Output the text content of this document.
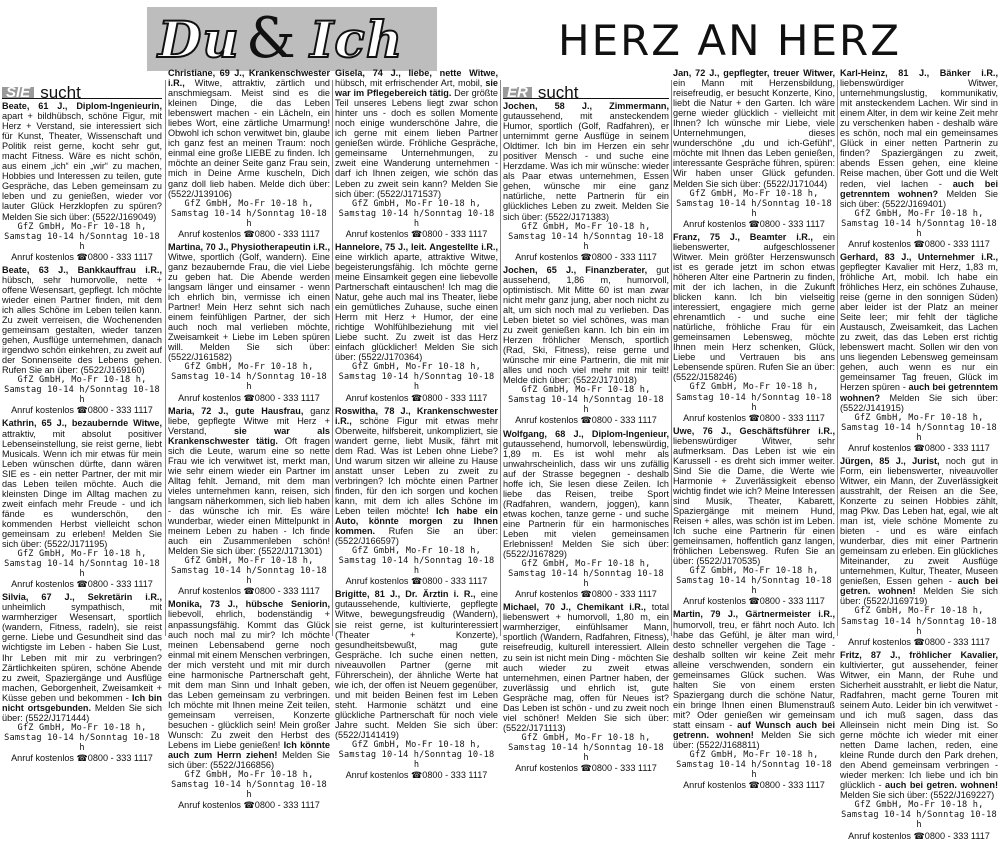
Du & Ich	HERZ AN HERZ
SIE sucht

Beate, 61 J., Diplom-Ingenieurin, apart + bildhübsch, schöne Figur, mit Herz + Verstand, sie interessiert sich für Kunst, Theater, Wissenschaft und Politik reist gerne, kocht sehr gut, macht Fitness. Wäre es nicht schön, aus einem „ich“ ein „wir“ zu machen, Hobbies und Interessen zu teilen, gute Gespräche, das Leben gemeinsam zu leben und zu genießen, wieder vor lauter Glück Herzklopfen zu spüren? Melden Sie sich über: (5522/J169049)

GfZ GmbH, Mo-Fr 10-18 h,
Samstag 10-14 h/Sonntag 10-18 h
Anruf kostenlos ☎ 0800 - 333 1117

Beate, 63 J., Bankkauffrau i.R., hübsch, sehr humorvolle, nette + offene Wesensart, gepflegt. Ich möchte wieder einen Partner finden, mit dem ich alles Schöne im Leben teilen kann. Zu zweit verreisen, die Wochenenden gemeinsam gestalten, wieder tanzen gehen, Ausflüge unternehmen, danach irgendwo schön einkehren, zu zweit auf der Sonnenseite des Lebens gehen. Rufen Sie an über: (5522/J169160)

GfZ GmbH, Mo-Fr 10-18 h,
Samstag 10-14 h/Sonntag 10-18 h
Anruf kostenlos ☎ 0800 - 333 1117

Kathrin, 65 J., bezaubernde Witwe, attraktiv, mit absolut positiver Lebenseinstellung, sie reist gerne, liebt Musicals. Wenn ich mir etwas für mein Leben wünschen dürfte, dann wären SIE es - ein netter Partner, der mit mir das Leben teilen möchte. Auch die kleinsten Dinge im Alltag machen zu zweit einfach mehr Freude - und ich fände es wunderschön, den kommenden Herbst vielleicht schon gemeinsam zu erleben! Melden Sie sich über: (5522/J171195)

GfZ GmbH, Mo-Fr 10-18 h,
Samstag 10-14 h/Sonntag 10-18 h
Anruf kostenlos ☎ 0800 - 333 1117

Silvia, 67 J., Sekretärin i.R., unheimlich sympathisch, mit warmherziger Wesensart, sportlich (wandern, Fitness, radeln), sie reist gerne. Liebe und Gesundheit sind das wichtigste im Leben - haben Sie Lust, Ihr Leben mit mir zu verbringen? Zärtlichkeiten spüren, schöne Abende zu zweit, Spaziergänge und Ausflüge machen, Geborgenheit, Zweisamkeit + Küsse geben und bekommen - Ich bin nicht ortsgebunden. Melden Sie sich über: (5522/J171444)

GfZ GmbH, Mo-Fr 10-18 h,
Samstag 10-14 h/Sonntag 10-18 h
Anruf kostenlos ☎ 0800 - 333 1117

Christiane, 69 J., Krankenschwester i.R., Witwe, attraktiv, zärtlich und anschmiegsam. Meist sind es die kleinen Dinge, die das Leben lebenswert machen - ein Lächeln, ein liebes Wort, eine zärtliche Umarmung! Obwohl ich schon verwitwet bin, glaube ich ganz fest an meinen Traum: noch einmal eine große LIEBE zu finden. Ich möchte an deiner Seite ganz Frau sein, mich in Deine Arme kuscheln, Dich ganz doll lieb haben. Melde dich über: (5522/J139106)

GfZ GmbH, Mo-Fr 10-18 h,
Samstag 10-14 h/Sonntag 10-18 h
Anruf kostenlos ☎ 0800 - 333 1117

Martina, 70 J., Physiotherapeutin i.R., Witwe, sportlich (Golf, wandern). Eine ganz bezaubernde Frau, die viel Liebe zu geben hat. Die Abende werden langsam länger und einsamer - wenn ich ehrlich bin, vermisse ich einen Partner! Mein Herz sehnt sich nach einem feinfühligen Partner, der sich auch noch mal verlieben möchte, Zweisamkeit + Liebe im Leben spüren will. Melden Sie sich über: (5522/J161582)

GfZ GmbH, Mo-Fr 10-18 h,
Samstag 10-14 h/Sonntag 10-18 h
Anruf kostenlos ☎ 0800 - 333 1117

Maria, 72 J., gute Hausfrau, ganz liebe, gepflegte Witwe mit Herz + Verstand, sie war als Krankenschwester tätig. Oft fragen sich die Leute, warum eine so nette Frau wie ich verwitwet ist, merkt man, wie sehr einem wieder ein Partner im Alltag fehlt. Jemand, mit dem man vieles unternehmen kann, reisen, sich langsam näherkommen, sich lieb haben - das wünsche ich mir. Es wäre wunderbar, wieder einen Mittelpunkt in meinem Leben zu haben - Ich finde auch ein Zusammenleben schön! Melden Sie sich über: (5522/J171301)

GfZ GmbH, Mo-Fr 10-18 h,
Samstag 10-14 h/Sonntag 10-18 h
Anruf kostenlos ☎ 0800 - 333 1117

Monika, 73 J., hübsche Seniorin, liebevoll, ehrlich, bodenständig + anpassungsfähig. Kommt das Glück auch noch mal zu mir? Ich möchte meinen Lebensabend gerne noch einmal mit einem Menschen verbringen, der mich versteht und mit mir durch eine harmonische Partnerschaft geht, mit dem man Sinn und Inhalt geben, das Leben gemeinsam zu verbringen. Ich möchte mit Ihnen meine Zeit teilen, gemeinsam verreisen, Konzerte besuchen - glücklich sein! Mein großer Wunsch: Zu zweit den Herbst des Lebens im Liebe genießen! Ich könnte auch zum Herrn ziehen! Melden Sie sich über: (5522/J166856)

GfZ GmbH, Mo-Fr 10-18 h,
Samstag 10-14 h/Sonntag 10-18 h
Anruf kostenlos ☎ 0800 - 333 1117

Gisela, 74 J., liebe, nette Witwe, hübsch, mit erfrischender Art, mobil, sie war im Pflegebereich tätig. Der größte Teil unseres Lebens liegt zwar schon hinter uns - doch es sollen Momente noch einige wunderschöne Jahre, die ich gerne mit einem lieben Partner genießen würde. Fröhliche Gespräche, gemeinsame Unternehmungen, zu zweit eine Wanderung unternehmen - darf ich Ihnen zeigen, wie schön das Leben zu zweit sein kann? Melden Sie sich über: (5522/J171537)

GfZ GmbH, Mo-Fr 10-18 h,
Samstag 10-14 h/Sonntag 10-18 h
Anruf kostenlos ☎ 0800 - 333 1117

Hannelore, 75 J., leit. Angestellte i.R., eine wirklich aparte, attraktive Witwe, begeisterungsfähig. Ich möchte gerne meine Einsamkeit gegen eine liebevolle Partnerschaft eintauschen! Ich mag die Natur, gehe auch mal ins Theater, liebe ein gemütliches Zuhause, suche einen Herrn mit Herz + Humor, der eine richtige Wohlfühlbeziehung mit viel Liebe sucht. Zu zweit ist das Herz einfach glücklicher! Melden Sie sich über: (5522/J170364)

GfZ GmbH, Mo-Fr 10-18 h,
Samstag 10-14 h/Sonntag 10-18 h
Anruf kostenlos ☎ 0800 - 333 1117

Roswitha, 78 J., Krankenschwester i.R., schöne Figur mit etwas mehr Oberweite, hilfsbereit, unkompliziert, sie wandert gerne, liebt Musik, fährt mit dem Rad. Was ist Leben ohne Liebe? Und warum sitzen wir alleine zu Hause anstatt unser Leben zu zweit zu verbringen? Ich möchte einen Partner finden, für den ich sorgen und kochen kann, mit dem ich alles Schöne im Leben teilen möchte! Ich habe ein Auto, könnte morgen zu Ihnen kommen. Rufen Sie an über: (5522/J166597)

GfZ GmbH, Mo-Fr 10-18 h,
Samstag 10-14 h/Sonntag 10-18 h
Anruf kostenlos ☎ 0800 - 333 1117

Brigitte, 81 J., Dr. Ärztin i. R., eine gutaussehende, kultivierte, gepflegte Witwe, bewegungsfreudig (Wandern), sie reist gerne, ist kulturinteressiert (Theater + Konzerte), gesundheitsbewußt, mag gute Gespräche. Ich suche einen netten, niveauvollen Partner (gerne mit Führerschein), der ähnliche Werte hat wie ich, der offen ist Neuem gegenüber, und mit beiden Beinen fest im Leben steht. Harmonie schätzt und eine glückliche Partnerschaft für noch viele Jahre sucht. Melden Sie sich über: (5522/J141419)

GfZ GmbH, Mo-Fr 10-18 h,
Samstag 10-14 h/Sonntag 10-18 h
Anruf kostenlos ☎ 0800 - 333 1117
ER sucht

Jochen, 58 J., Zimmermann, gutaussehend, mit ansteckendem Humor, sportlich (Golf, Radfahren), er unternimmt gerne Ausflüge in seinem Oldtimer. Ich bin im Herzen ein sehr positiver Mensch - und suche eine Herzdame. Was ich mir wünsche: wieder als Paar etwas unternehmen, Essen gehen, wünsche mir eine ganz natürliche, nette Partnerin für ein glückliches Leben zu zweit. Melden Sie sich über: (5522/J171383)

GfZ GmbH, Mo-Fr 10-18 h,
Samstag 10-14 h/Sonntag 10-18 h
Anruf kostenlos ☎ 0800 - 333 1117

Jochen, 65 J., Finanzberater, gut aussehend, 1,86 m, humorvoll, optimistisch. Mit Mitte 60 ist man zwar nicht mehr ganz jung, aber noch nicht zu alt, um sich noch mal zu verlieben. Das Leben bietet so viel schönes, was man zu zweit genießen kann. Ich bin ein im Herzen fröhlicher Mensch, sportlich (Rad, Ski, Fitness), reise gerne und wünsche mir eine Partnerin, die mit mir alles und noch viel mehr mit mir teilt! Melde dich über: (5522/J171018)

GfZ GmbH, Mo-Fr 10-18 h,
Samstag 10-14 h/Sonntag 10-18 h
Anruf kostenlos ☎ 0800 - 333 1117

Wolfgang, 68 J., Diplom-Ingenieur, gutaussehend, humorvoll, lebenswürdig, 1,89 m. Es ist wohl mehr als unwahrscheinlich, dass wir uns zufällig auf der Strasse begegnen - deshalb hoffe ich, Sie lesen diese Zeilen. Ich liebe das Reisen, treibe Sport (Radfahren, wandern, joggen), kann etwas kochen, tanze gerne - und suche eine Partnerin für ein harmonisches Leben mit vielen gemeinsamen Erlebnissen! Melden Sie sich über: (5522/J167829)

GfZ GmbH, Mo-Fr 10-18 h,
Samstag 10-14 h/Sonntag 10-18 h
Anruf kostenlos ☎ 0800 - 333 1117

Michael, 70 J., Chemikant i.R., total liebenswert + humorvoll, 1,80 m, ein warmherziger, einfühlsamer Mann, sportlich (Wandern, Radfahren, Fitness), reisefreudig, kulturell interessiert. Allein zu sein ist nicht mein Ding - möchten Sie auch wieder zu zweit etwas unternehmen, einen Partner haben, der zuverlässig und ehrlich ist, gute Gespräche mag, offen für Neues ist? Das Leben ist schön - und zu zweit noch viel schöner! Melden Sie sich über: (5522/J171113)

GfZ GmbH, Mo-Fr 10-18 h,
Samstag 10-14 h/Sonntag 10-18 h
Anruf kostenlos ☎ 0800 - 333 1117

Jan, 72 J., gepflegter, treuer Witwer, ein Mann mit Herzensbildung, reisefreudig, er besucht Konzerte, Kino, liebt die Natur + den Garten. Ich wäre gerne wieder glücklich - vielleicht mit Ihnen? Ich wünsche mir Liebe, viele Unternehmungen, dieses wunderschöne „du und ich-Gefühl“, möchte mit Ihnen das Leben genießen, interessante Gespräche führen, spüren: Wir haben unser Glück gefunden. Melden Sie sich über: (5522/J171044)

GfZ GmbH, Mo-Fr 10-18 h,
Samstag 10-14 h/Sonntag 10-18 h
Anruf kostenlos ☎ 0800 - 333 1117

Franz, 75 J., Beamter i.R., ein liebenswerter, aufgeschlossener Witwer. Mein größter Herzenswunsch ist es gerade jetzt im schon etwas höheren Alter eine Partnerin zu finden, mit der ich lachen, in die Zukunft blicken kann. Ich bin vielseitig interessiert, engagiere mich gerne ehrenamtlich - und suche eine natürliche, fröhliche Frau für ein gemeinsamen Lebensweg, möchte Ihnen mein Herz schenken, Glück, Liebe und Vertrauen bis ans Lebensende spüren. Rufen Sie an über: (5522/J158246)

GfZ GmbH, Mo-Fr 10-18 h,
Samstag 10-14 h/Sonntag 10-18 h
Anruf kostenlos ☎ 0800 - 333 1117

Uwe, 76 J., Geschäftsführer i.R., liebenswürdiger Witwer, sehr aufmerksam. Das Leben ist wie ein Karussell - es dreht sich immer weiter. Sind Sie die Dame, die Werte wie Harmonie + Zuverlässigkeit ebenso wichtig findet wie ich? Meine Interessen sind Musik, Theater, Kabarett, Spaziergänge mit meinem Hund, Reisen + alles, was schön ist im Leben. Ich suche eine Partnerin für einen gemeinsamen, hoffentlich ganz langen, fröhlichen Lebensweg. Rufen Sie an über: (5522/J170535)

GfZ GmbH, Mo-Fr 10-18 h,
Samstag 10-14 h/Sonntag 10-18 h
Anruf kostenlos ☎ 0800 - 333 1117

Martin, 79 J., Gärtnermeister i.R., humorvoll, treu, er fährt noch Auto. Ich habe das Gefühl, je älter man wird, desto schneller vergehen die Tage - deshalb sollten wir keine Zeit mehr alleine verschwenden, sondern ein gemeinsames Glück suchen. Was halten Sie von einem ersten Spaziergang durch die schöne Natur, ein bringe Ihnen einen Blumenstrauß mit? Oder genießen wir gemeinsam statt einsam - auf Wunsch auch bei getrenn. wohnen! Melden Sie sich über: (5522/J168811)

GfZ GmbH, Mo-Fr 10-18 h,
Samstag 10-14 h/Sonntag 10-18 h
Anruf kostenlos ☎ 0800 - 333 1117

Karl-Heinz, 81 J., Bänker i.R., liebenswürdiger Witwer, unternehmungslustig, kommunikativ, mit ansteckendem Lachen. Wir sind in einem Alter, in dem wir keine Zeit mehr zu verschenken haben - deshalb wäre es schön, noch mal ein gemeinsames Glück in einer netten Partnerin zu finden? Spaziergängen zu zweit, abends Essen gehen, eine kleine Reise machen, über Gott und die Welt reden, viel lachen - auch bei getrenntem wohnen? Melden Sie sich über: (5522/J169401)

GfZ GmbH, Mo-Fr 10-18 h,
Samstag 10-14 h/Sonntag 10-18 h
Anruf kostenlos ☎ 0800 - 333 1117

Gerhard, 83 J., Unternehmer i.R., gepflegter Kavalier mit Herz, 1,83 m, fröhliche Art, mobil. Ich habe ein fröhliches Herz, ein schönes Zuhause, reise (gerne in den sonnigen Süden) aber leider ist der Platz an meiner Seite leer; mir fehlt der tägliche Austausch, Zweisamkeit, das Lachen zu zweit, das das Leben erst richtig lebenswert macht. Sollen wir den von uns liegenden Lebensweg gemeinsam gehen, auch wenn es nur ein gemeinsamer Tag freuen, Glück im Herzen spüren - auch bei getrenntem wohnen? Melden Sie sich über: (5522/J141915)

GfZ GmbH, Mo-Fr 10-18 h,
Samstag 10-14 h/Sonntag 10-18 h
Anruf kostenlos ☎ 0800 - 333 1117

Jürgen, 85 J., Jurist, noch gut in Form, ein liebenswerter, niveauvoller Witwer, ein Mann, der Zuverlässigkeit ausstrahlt, der Reisen an die See, Konzerte zu seinen Hobbies zählt, mag Pkw. Das Leben hat, egal, wie alt man ist, viele schöne Momente zu bieten - und es wäre einfach wunderbar, dies mit einer Partnerin gemeinsam zu erleben. Ein glückliches Miteinander, zu zweit Ausflüge unternehmen, Kultur, Theater, Museen genießen, Essen gehen - auch bei getren. wohnen! Melden Sie sich über: (5522/J169719)

GfZ GmbH, Mo-Fr 10-18 h,
Samstag 10-14 h/Sonntag 10-18 h
Anruf kostenlos ☎ 0800 - 333 1117

Fritz, 87 J., fröhlicher Kavalier, kultivierter, gut aussehender, feiner Witwer, ein Mann, der Ruhe und Sicherheit ausstrahlt, er liebt die Natur, Radfahren, macht gerne Touren mit seinem Auto. Leider bin ich verwitwet - und ich muß sagen, dass das Alleinsein nicht mein Ding ist. So gerne möchte ich wieder mit einer netten Dame lachen, reden, eine kleine Runde durch den Park drehen, den Abend gemeinsam verbringen - wieder merken: Ich liebe und ich bin glücklich - auch bei getren. wohnen! Melden Sie sich über: (5522/J169227)

GfZ GmbH, Mo-Fr 10-18 h,
Samstag 10-14 h/Sonntag 10-18 h
Anruf kostenlos ☎ 0800 - 333 1117
